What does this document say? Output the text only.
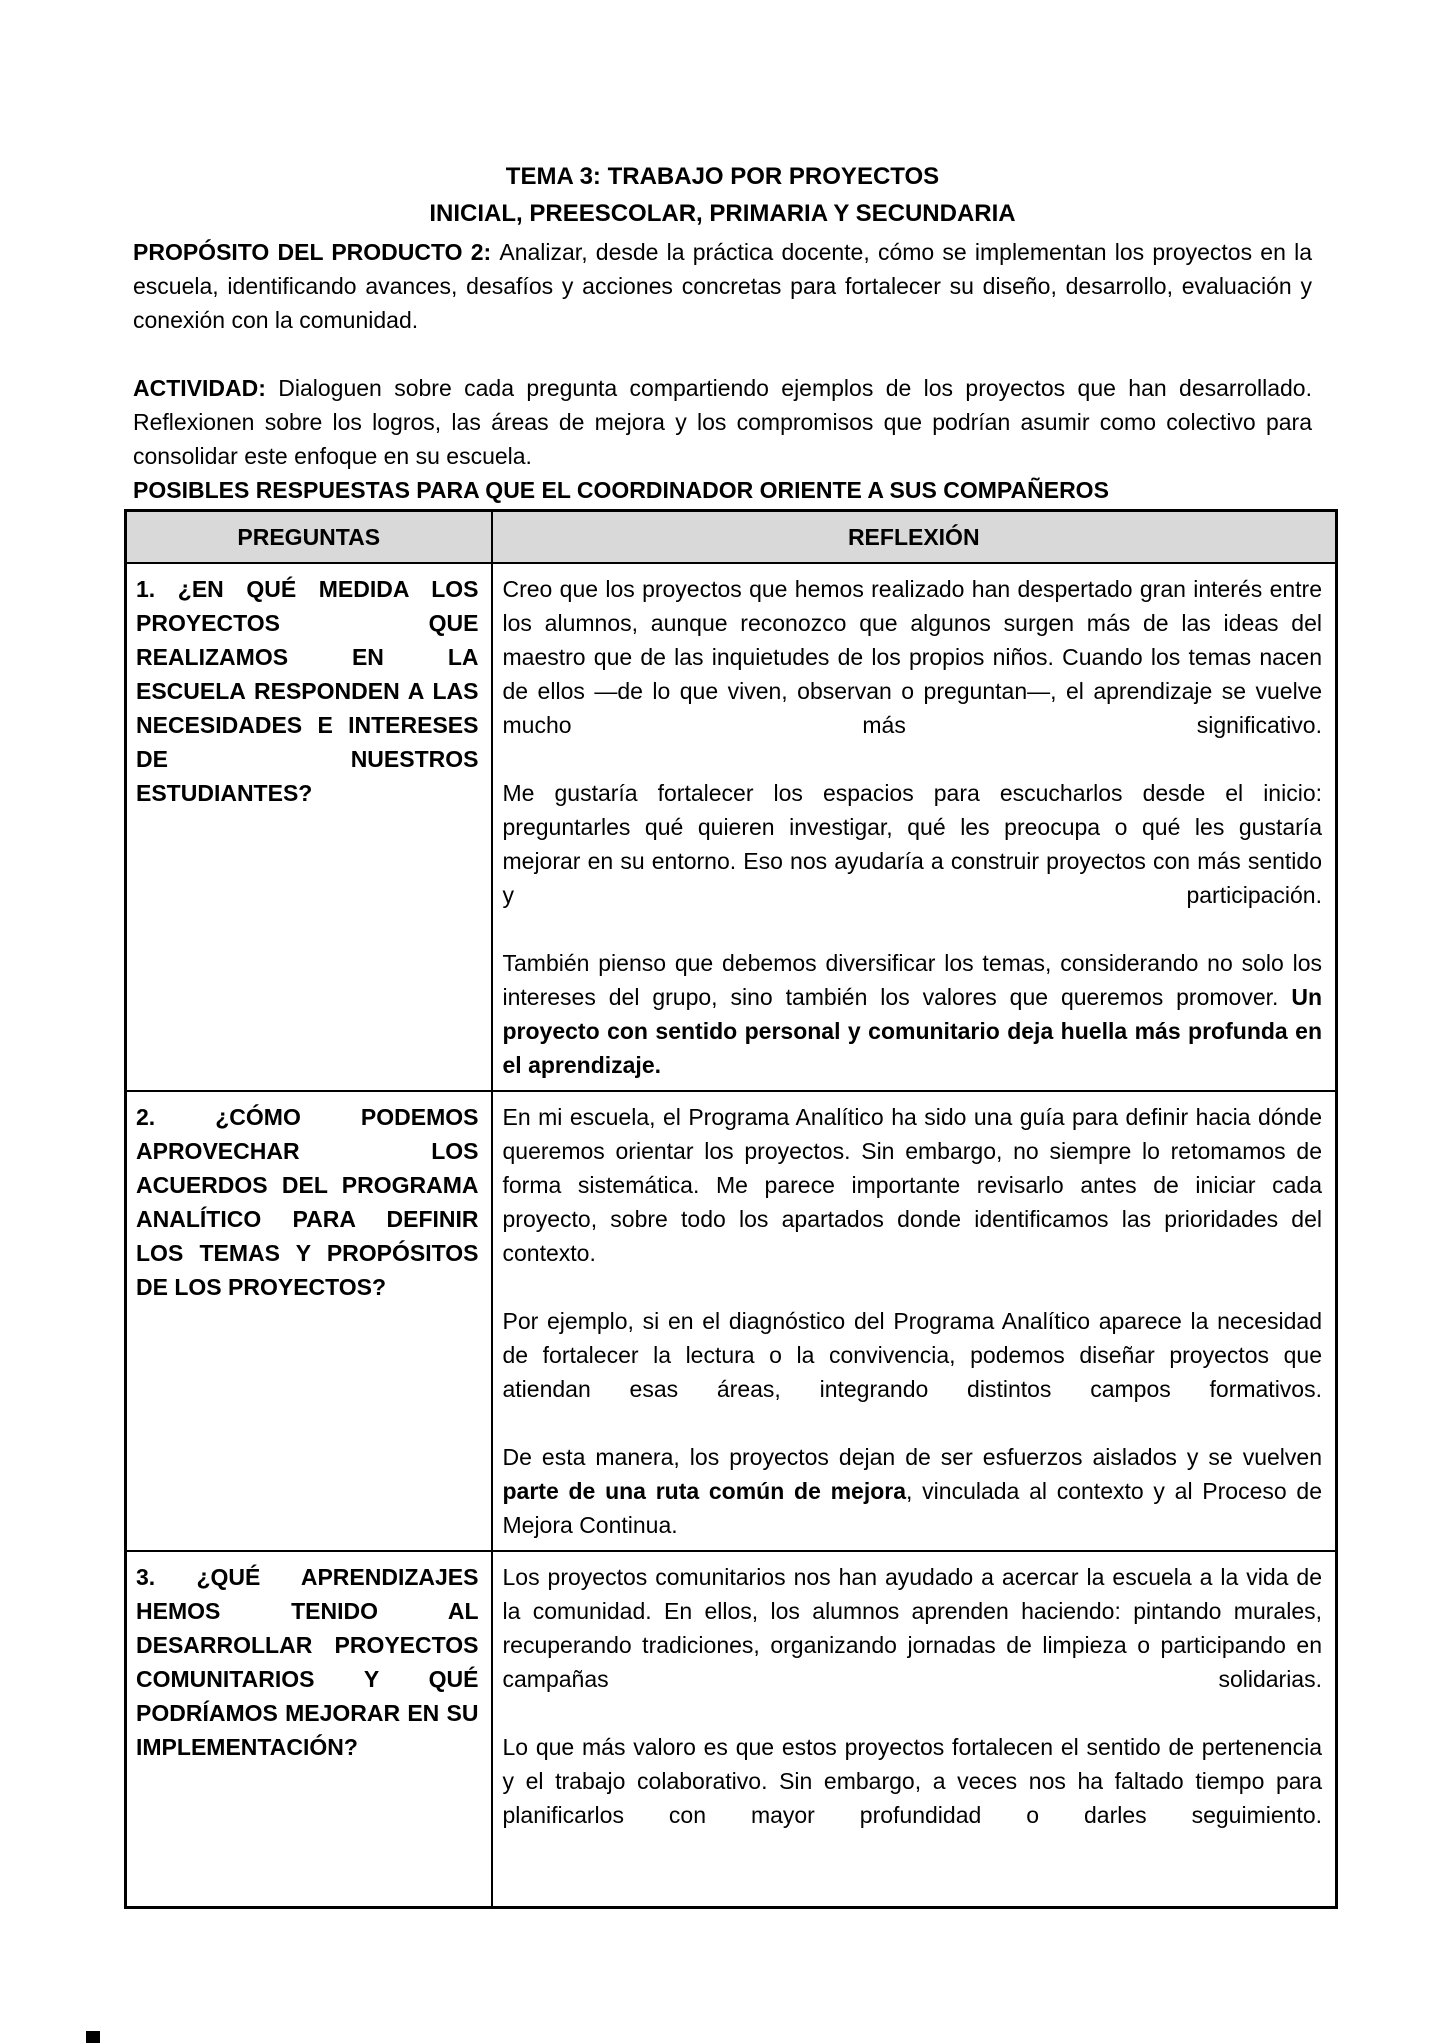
TEMA 3: TRABAJO POR PROYECTOS
INICIAL, PREESCOLAR, PRIMARIA Y SECUNDARIA

PROPÓSITO DEL PRODUCTO 2: Analizar, desde la práctica docente, cómo se implementan los proyectos en la escuela, identificando avances, desafíos y acciones concretas para fortalecer su diseño, desarrollo, evaluación y conexión con la comunidad.

ACTIVIDAD: Dialoguen sobre cada pregunta compartiendo ejemplos de los proyectos que han desarrollado. Reflexionen sobre los logros, las áreas de mejora y los compromisos que podrían asumir como colectivo para consolidar este enfoque en su escuela.

POSIBLES RESPUESTAS PARA QUE EL COORDINADOR ORIENTE A SUS COMPAÑEROS

PREGUNTAS	REFLEXIÓN

1. ¿EN QUÉ MEDIDA LOS PROYECTOS QUE REALIZAMOS EN LA ESCUELA RESPONDEN A LAS NECESIDADES E INTERESES DE NUESTROS ESTUDIANTES?	Creo que los proyectos que hemos realizado han despertado gran interés entre los alumnos, aunque reconozco que algunos surgen más de las ideas del maestro que de las inquietudes de los propios niños. Cuando los temas nacen de ellos —de lo que viven, observan o preguntan—, el aprendizaje se vuelve mucho más significativo.

Me gustaría fortalecer los espacios para escucharlos desde el inicio: preguntarles qué quieren investigar, qué les preocupa o qué les gustaría mejorar en su entorno. Eso nos ayudaría a construir proyectos con más sentido y participación.

También pienso que debemos diversificar los temas, considerando no solo los intereses del grupo, sino también los valores que queremos promover. Un proyecto con sentido personal y comunitario deja huella más profunda en el aprendizaje.

2. ¿CÓMO PODEMOS APROVECHAR LOS ACUERDOS DEL PROGRAMA ANALÍTICO PARA DEFINIR LOS TEMAS Y PROPÓSITOS DE LOS PROYECTOS?	En mi escuela, el Programa Analítico ha sido una guía para definir hacia dónde queremos orientar los proyectos. Sin embargo, no siempre lo retomamos de forma sistemática. Me parece importante revisarlo antes de iniciar cada proyecto, sobre todo los apartados donde identificamos las prioridades del contexto.

Por ejemplo, si en el diagnóstico del Programa Analítico aparece la necesidad de fortalecer la lectura o la convivencia, podemos diseñar proyectos que atiendan esas áreas, integrando distintos campos formativos.

De esta manera, los proyectos dejan de ser esfuerzos aislados y se vuelven parte de una ruta común de mejora, vinculada al contexto y al Proceso de Mejora Continua.

3. ¿QUÉ APRENDIZAJES HEMOS TENIDO AL DESARROLLAR PROYECTOS COMUNITARIOS Y QUÉ PODRÍAMOS MEJORAR EN SU IMPLEMENTACIÓN?	Los proyectos comunitarios nos han ayudado a acercar la escuela a la vida de la comunidad. En ellos, los alumnos aprenden haciendo: pintando murales, recuperando tradiciones, organizando jornadas de limpieza o participando en campañas solidarias.

Lo que más valoro es que estos proyectos fortalecen el sentido de pertenencia y el trabajo colaborativo. Sin embargo, a veces nos ha faltado tiempo para planificarlos con mayor profundidad o darles seguimiento.
